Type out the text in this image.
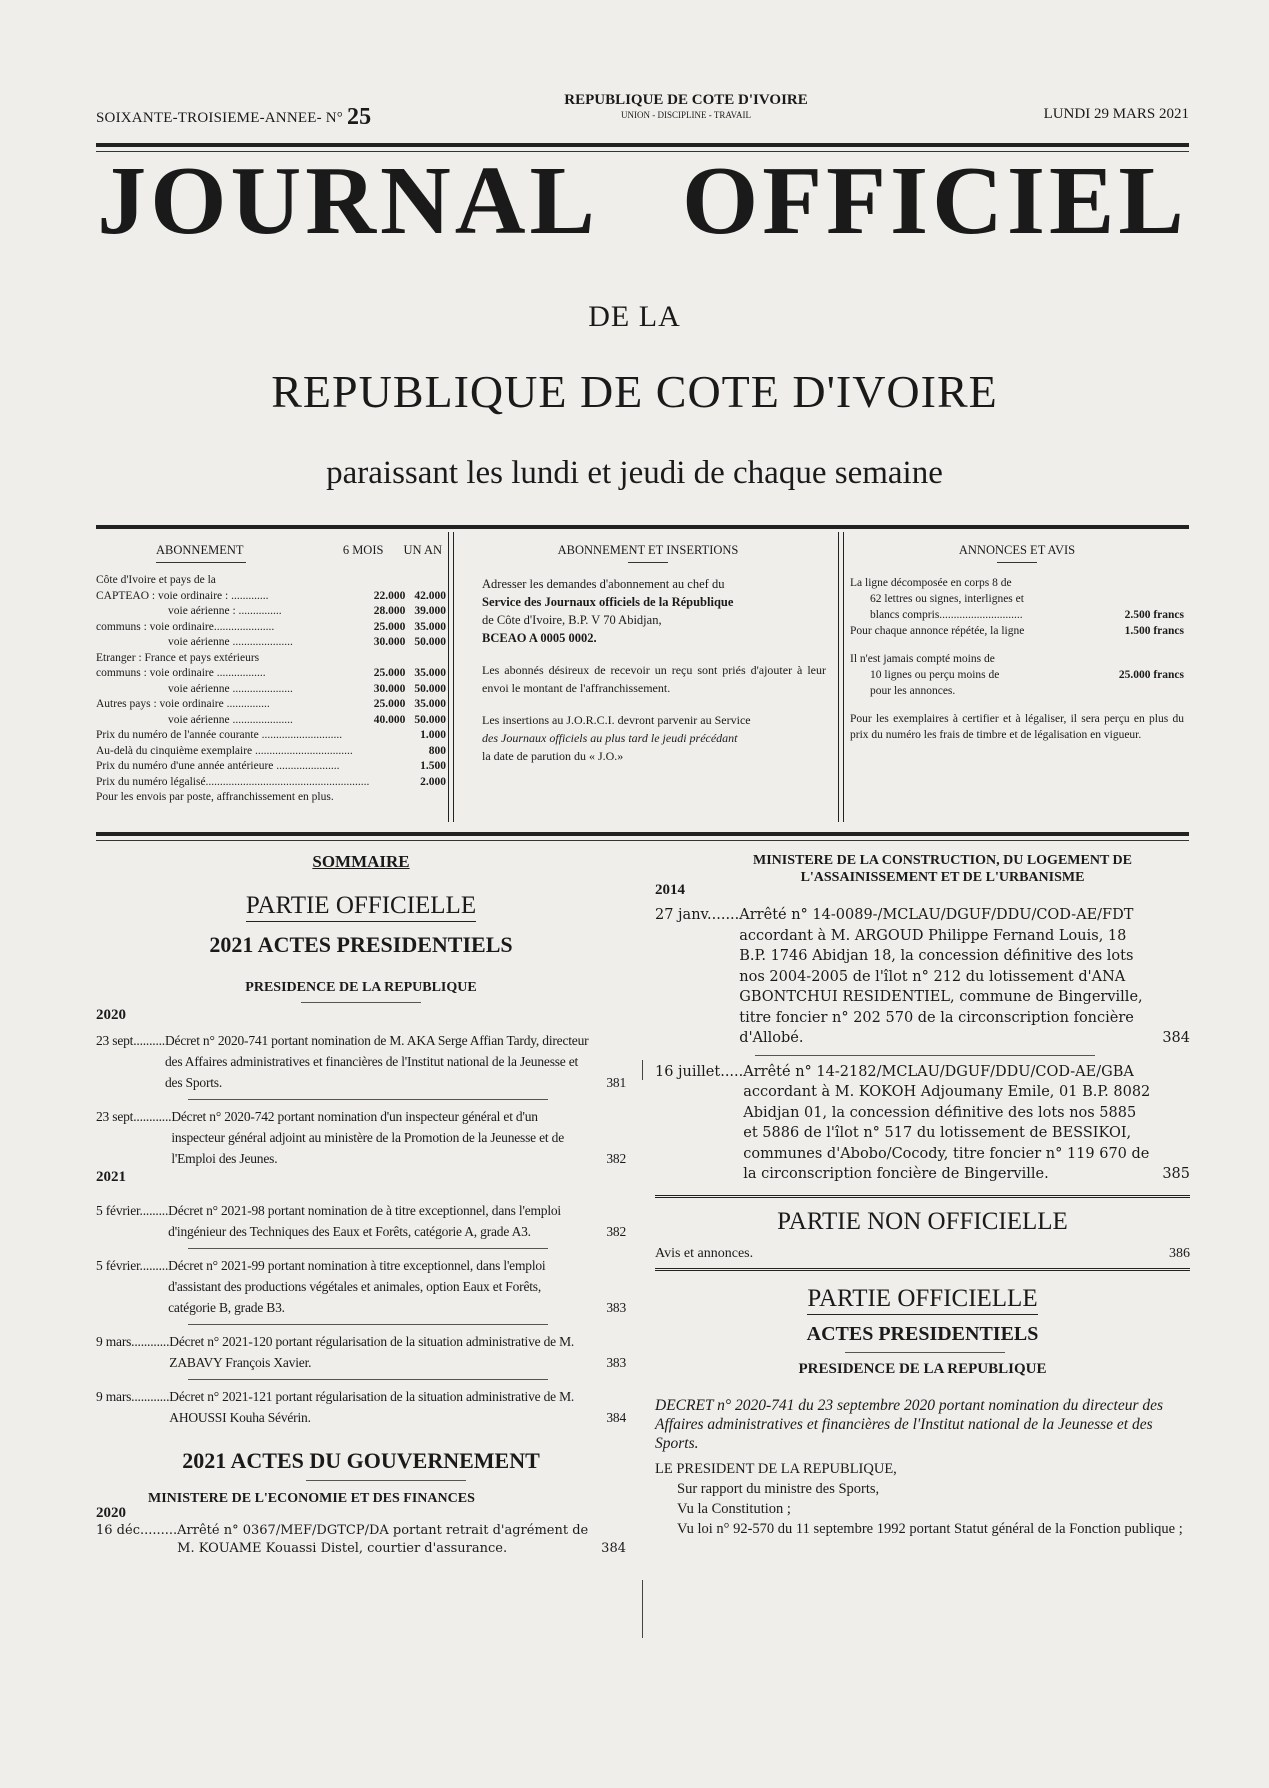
SOIXANTE-TROISIEME-ANNEE- N° 25
REPUBLIQUE DE COTE D'IVOIRE
UNION - DISCIPLINE - TRAVAIL	LUNDI 29 MARS 2021
JOURNAL OFFICIEL
DE LA
REPUBLIQUE DE COTE D'IVOIRE
paraissant les lundi et jeudi de chaque semaine
ABONNEMENT	6 MOIS UN AN
Côte d'Ivoire et pays de la		
CAPTEAO : voie ordinaire : .............	22.000	42.000
voie aérienne : ...............	28.000	39.000
communs : voie ordinaire.....................	25.000	35.000
voie aérienne .....................	30.000	50.000
Etranger : France et pays extérieurs		
communs : voie ordinaire .................	25.000	35.000
voie aérienne .....................	30.000	50.000
Autres pays : voie ordinaire ...............	25.000	35.000
voie aérienne .....................	40.000	50.000
Prix du numéro de l'année courante ............................		1.000
Au-delà du cinquième exemplaire ..................................		800
Prix du numéro d'une année antérieure ......................		1.500
Prix du numéro légalisé.........................................................		2.000
Pour les envois par poste, affranchissement en plus.		
ABONNEMENT ET INSERTIONS
Adresser les demandes d'abonnement au chef du
Service des Journaux officiels de la République
de Côte d'Ivoire, B.P. V 70 Abidjan,
BCEAO A 0005 0002.
Les abonnés désireux de recevoir un reçu sont priés d'ajouter à leur envoi le montant de l'affranchissement.
Les insertions au J.O.R.C.I. devront parvenir au Service
des Journaux officiels au plus tard le jeudi précédant
la date de parution du « J.O.»
ANNONCES ET AVIS
La ligne décomposée en corps 8 de
62 lettres ou signes, interlignes et
blancs compris.............................	2.500 francs
Pour chaque annonce répétée, la ligne	1.500 francs
Il n'est jamais compté moins de
10 lignes ou perçu moins de	25.000 francs
pour les annonces.
Pour les exemplaires à certifier et à légaliser, il sera perçu en plus du prix du numéro les frais de timbre et de légalisation en vigueur.
SOMMAIRE
PARTIE OFFICIELLE
2021 ACTES PRESIDENTIELS
PRESIDENCE DE LA REPUBLIQUE
2020
23 sept.......... Décret n° 2020-741 portant nomination de M. AKA Serge Affian Tardy, directeur des Affaires administratives et financières de l'Institut national de la Jeunesse et des Sports.	381
23 sept............ Décret n° 2020-742 portant nomination d'un inspecteur général et d'un inspecteur général adjoint au ministère de la Promotion de la Jeunesse et de l'Emploi des Jeunes.	382
2021
5 février......... Décret n° 2021-98 portant nomination de à titre exceptionnel, dans l'emploi d'ingénieur des Techniques des Eaux et Forêts, catégorie A, grade A3.	382
5 février......... Décret n° 2021-99 portant nomination à titre exceptionnel, dans l'emploi d'assistant des productions végétales et animales, option Eaux et Forêts, catégorie B, grade B3.	383
9 mars............ Décret n° 2021-120 portant régularisation de la situation administrative de M. ZABAVY François Xavier.	383
9 mars............ Décret n° 2021-121 portant régularisation de la situation administrative de M. AHOUSSI Kouha Sévérin.	384
2021 ACTES DU GOUVERNEMENT
MINISTERE DE L'ECONOMIE ET DES FINANCES
2020
16 déc......... Arrêté n° 0367/MEF/DGTCP/DA portant retrait d'agrément de M. KOUAME Kouassi Distel, courtier d'assurance.	384
MINISTERE DE LA CONSTRUCTION, DU LOGEMENT DE L'ASSAINISSEMENT ET DE L'URBANISME
2014
27 janv....... Arrêté n° 14-0089-/MCLAU/DGUF/DDU/COD-AE/FDT accordant à M. ARGOUD Philippe Fernand Louis, 18 B.P. 1746 Abidjan 18, la concession définitive des lots nos 2004-2005 de l'îlot n° 212 du lotissement d'ANA GBONTCHUI RESIDENTIEL, commune de Bingerville, titre foncier n° 202 570 de la circonscription foncière d'Allobé.	384
16 juillet..... Arrêté n° 14-2182/MCLAU/DGUF/DDU/COD-AE/GBA accordant à M. KOKOH Adjoumany Emile, 01 B.P. 8082 Abidjan 01, la concession définitive des lots nos 5885 et 5886 de l'îlot n° 517 du lotissement de BESSIKOI, communes d'Abobo/Cocody, titre foncier n° 119 670 de la circonscription foncière de Bingerville.	385
PARTIE NON OFFICIELLE
Avis et annonces.	386
PARTIE OFFICIELLE
ACTES PRESIDENTIELS
PRESIDENCE DE LA REPUBLIQUE
DECRET n° 2020-741 du 23 septembre 2020 portant nomination du directeur des Affaires administratives et financières de l'Institut national de la Jeunesse et des Sports.
LE PRESIDENT DE LA REPUBLIQUE,
Sur rapport du ministre des Sports,
Vu la Constitution ;
Vu loi n° 92-570 du 11 septembre 1992 portant Statut général de la Fonction publique ;
